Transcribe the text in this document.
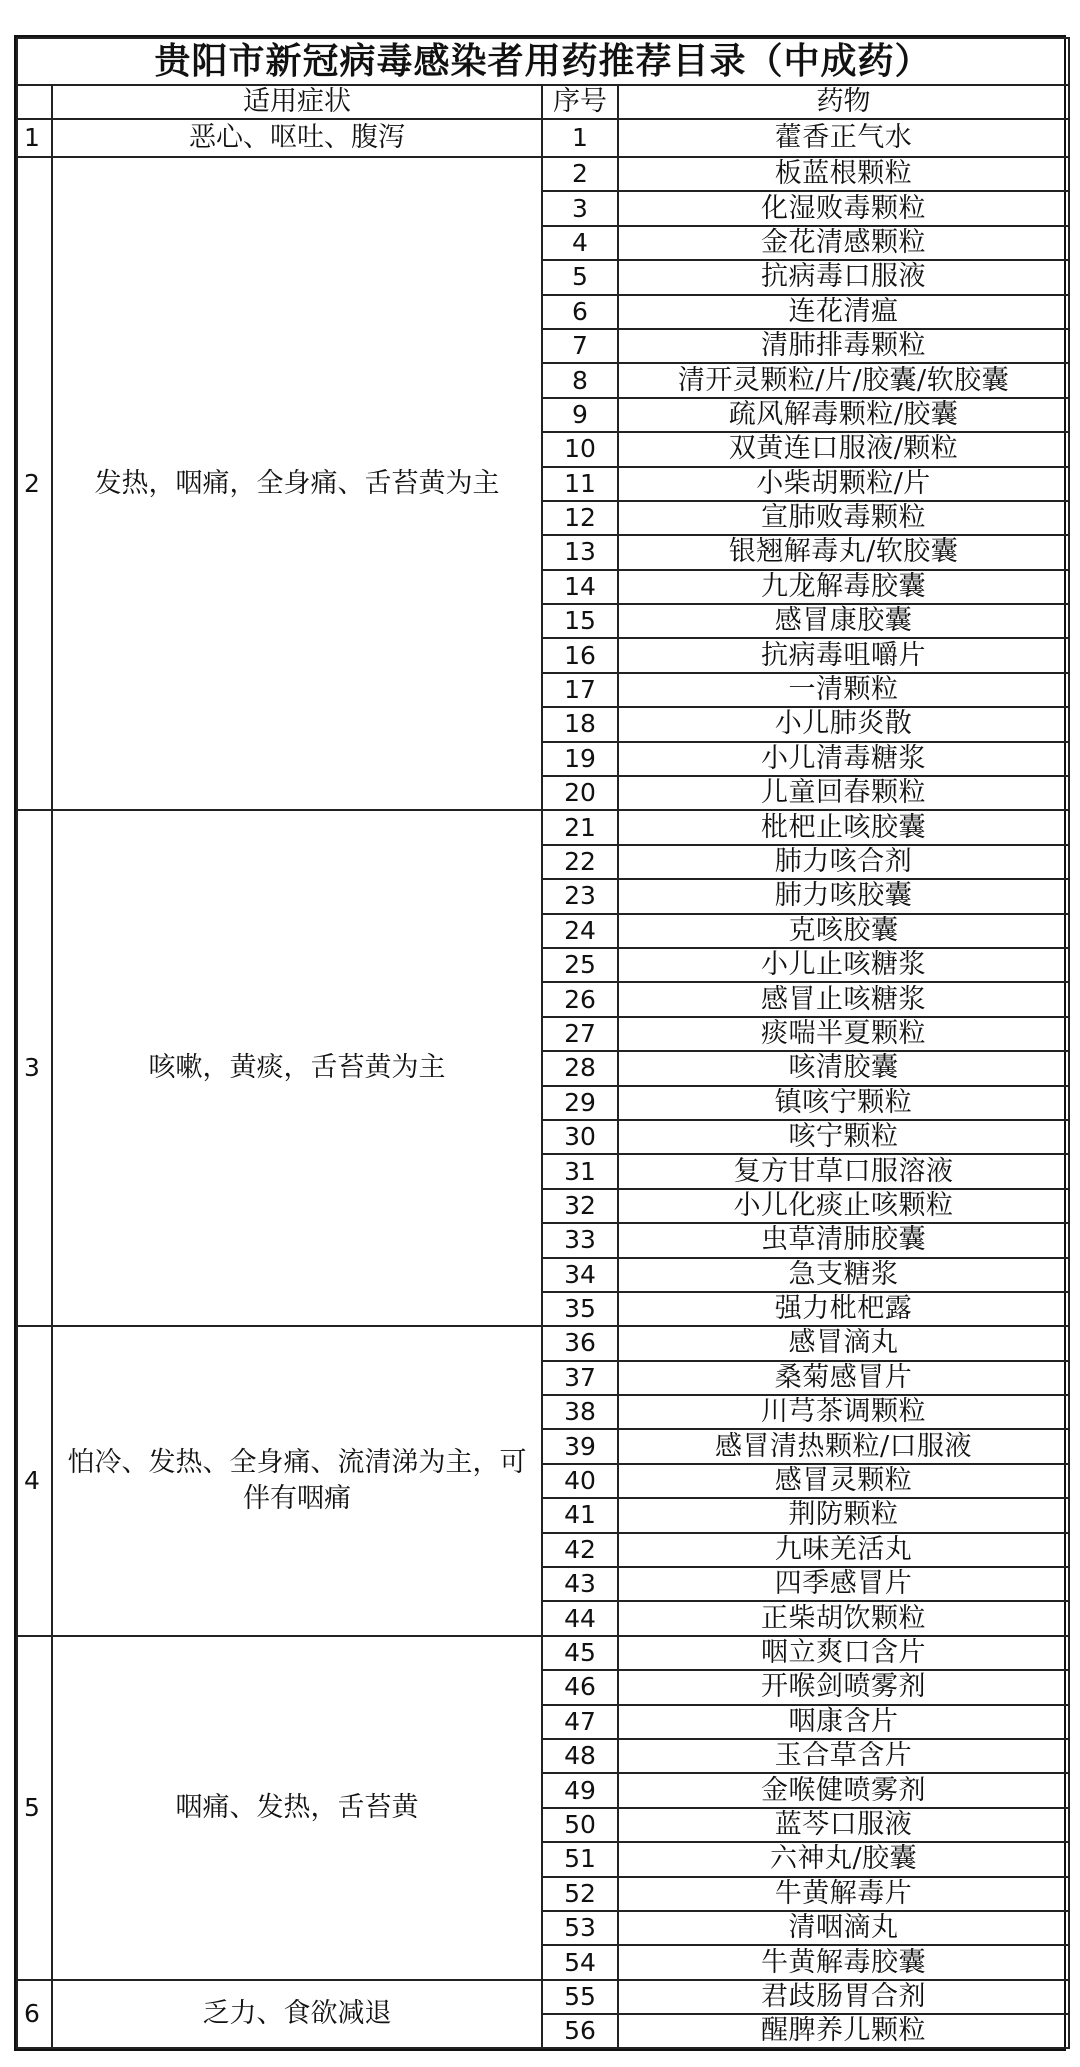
贵阳市新冠病毒感染者用药推荐目录（中成药）			
	适用症状	序号	药物
1	恶心、呕吐、腹泻	1	藿香正气水
2	发热，咽痛，全身痛、舌苔黄为主	2	板蓝根颗粒
		3	化湿败毒颗粒
		4	金花清感颗粒
		5	抗病毒口服液
		6	连花清瘟
		7	清肺排毒颗粒
		8	清开灵颗粒/片/胶囊/软胶囊
		9	疏风解毒颗粒/胶囊
		10	双黄连口服液/颗粒
		11	小柴胡颗粒/片
		12	宣肺败毒颗粒
		13	银翘解毒丸/软胶囊
		14	九龙解毒胶囊
		15	感冒康胶囊
		16	抗病毒咀嚼片
		17	一清颗粒
		18	小儿肺炎散
		19	小儿清毒糖浆
		20	儿童回春颗粒
3	咳嗽，黄痰，舌苔黄为主	21	枇杷止咳胶囊
		22	肺力咳合剂
		23	肺力咳胶囊
		24	克咳胶囊
		25	小儿止咳糖浆
		26	感冒止咳糖浆
		27	痰喘半夏颗粒
		28	咳清胶囊
		29	镇咳宁颗粒
		30	咳宁颗粒
		31	复方甘草口服溶液
		32	小儿化痰止咳颗粒
		33	虫草清肺胶囊
		34	急支糖浆
		35	强力枇杷露
4	怕冷、发热、全身痛、流清涕为主，可伴有咽痛	36	感冒滴丸
		37	桑菊感冒片
		38	川芎茶调颗粒
		39	感冒清热颗粒/口服液
		40	感冒灵颗粒
		41	荆防颗粒
		42	九味羌活丸
		43	四季感冒片
		44	正柴胡饮颗粒
5	咽痛、发热，舌苔黄	45	咽立爽口含片
		46	开喉剑喷雾剂
		47	咽康含片
		48	玉合草含片
		49	金喉健喷雾剂
		50	蓝芩口服液
		51	六神丸/胶囊
		52	牛黄解毒片
		53	清咽滴丸
		54	牛黄解毒胶囊
6	乏力、食欲减退	55	君歧肠胃合剂
		56	醒脾养儿颗粒
